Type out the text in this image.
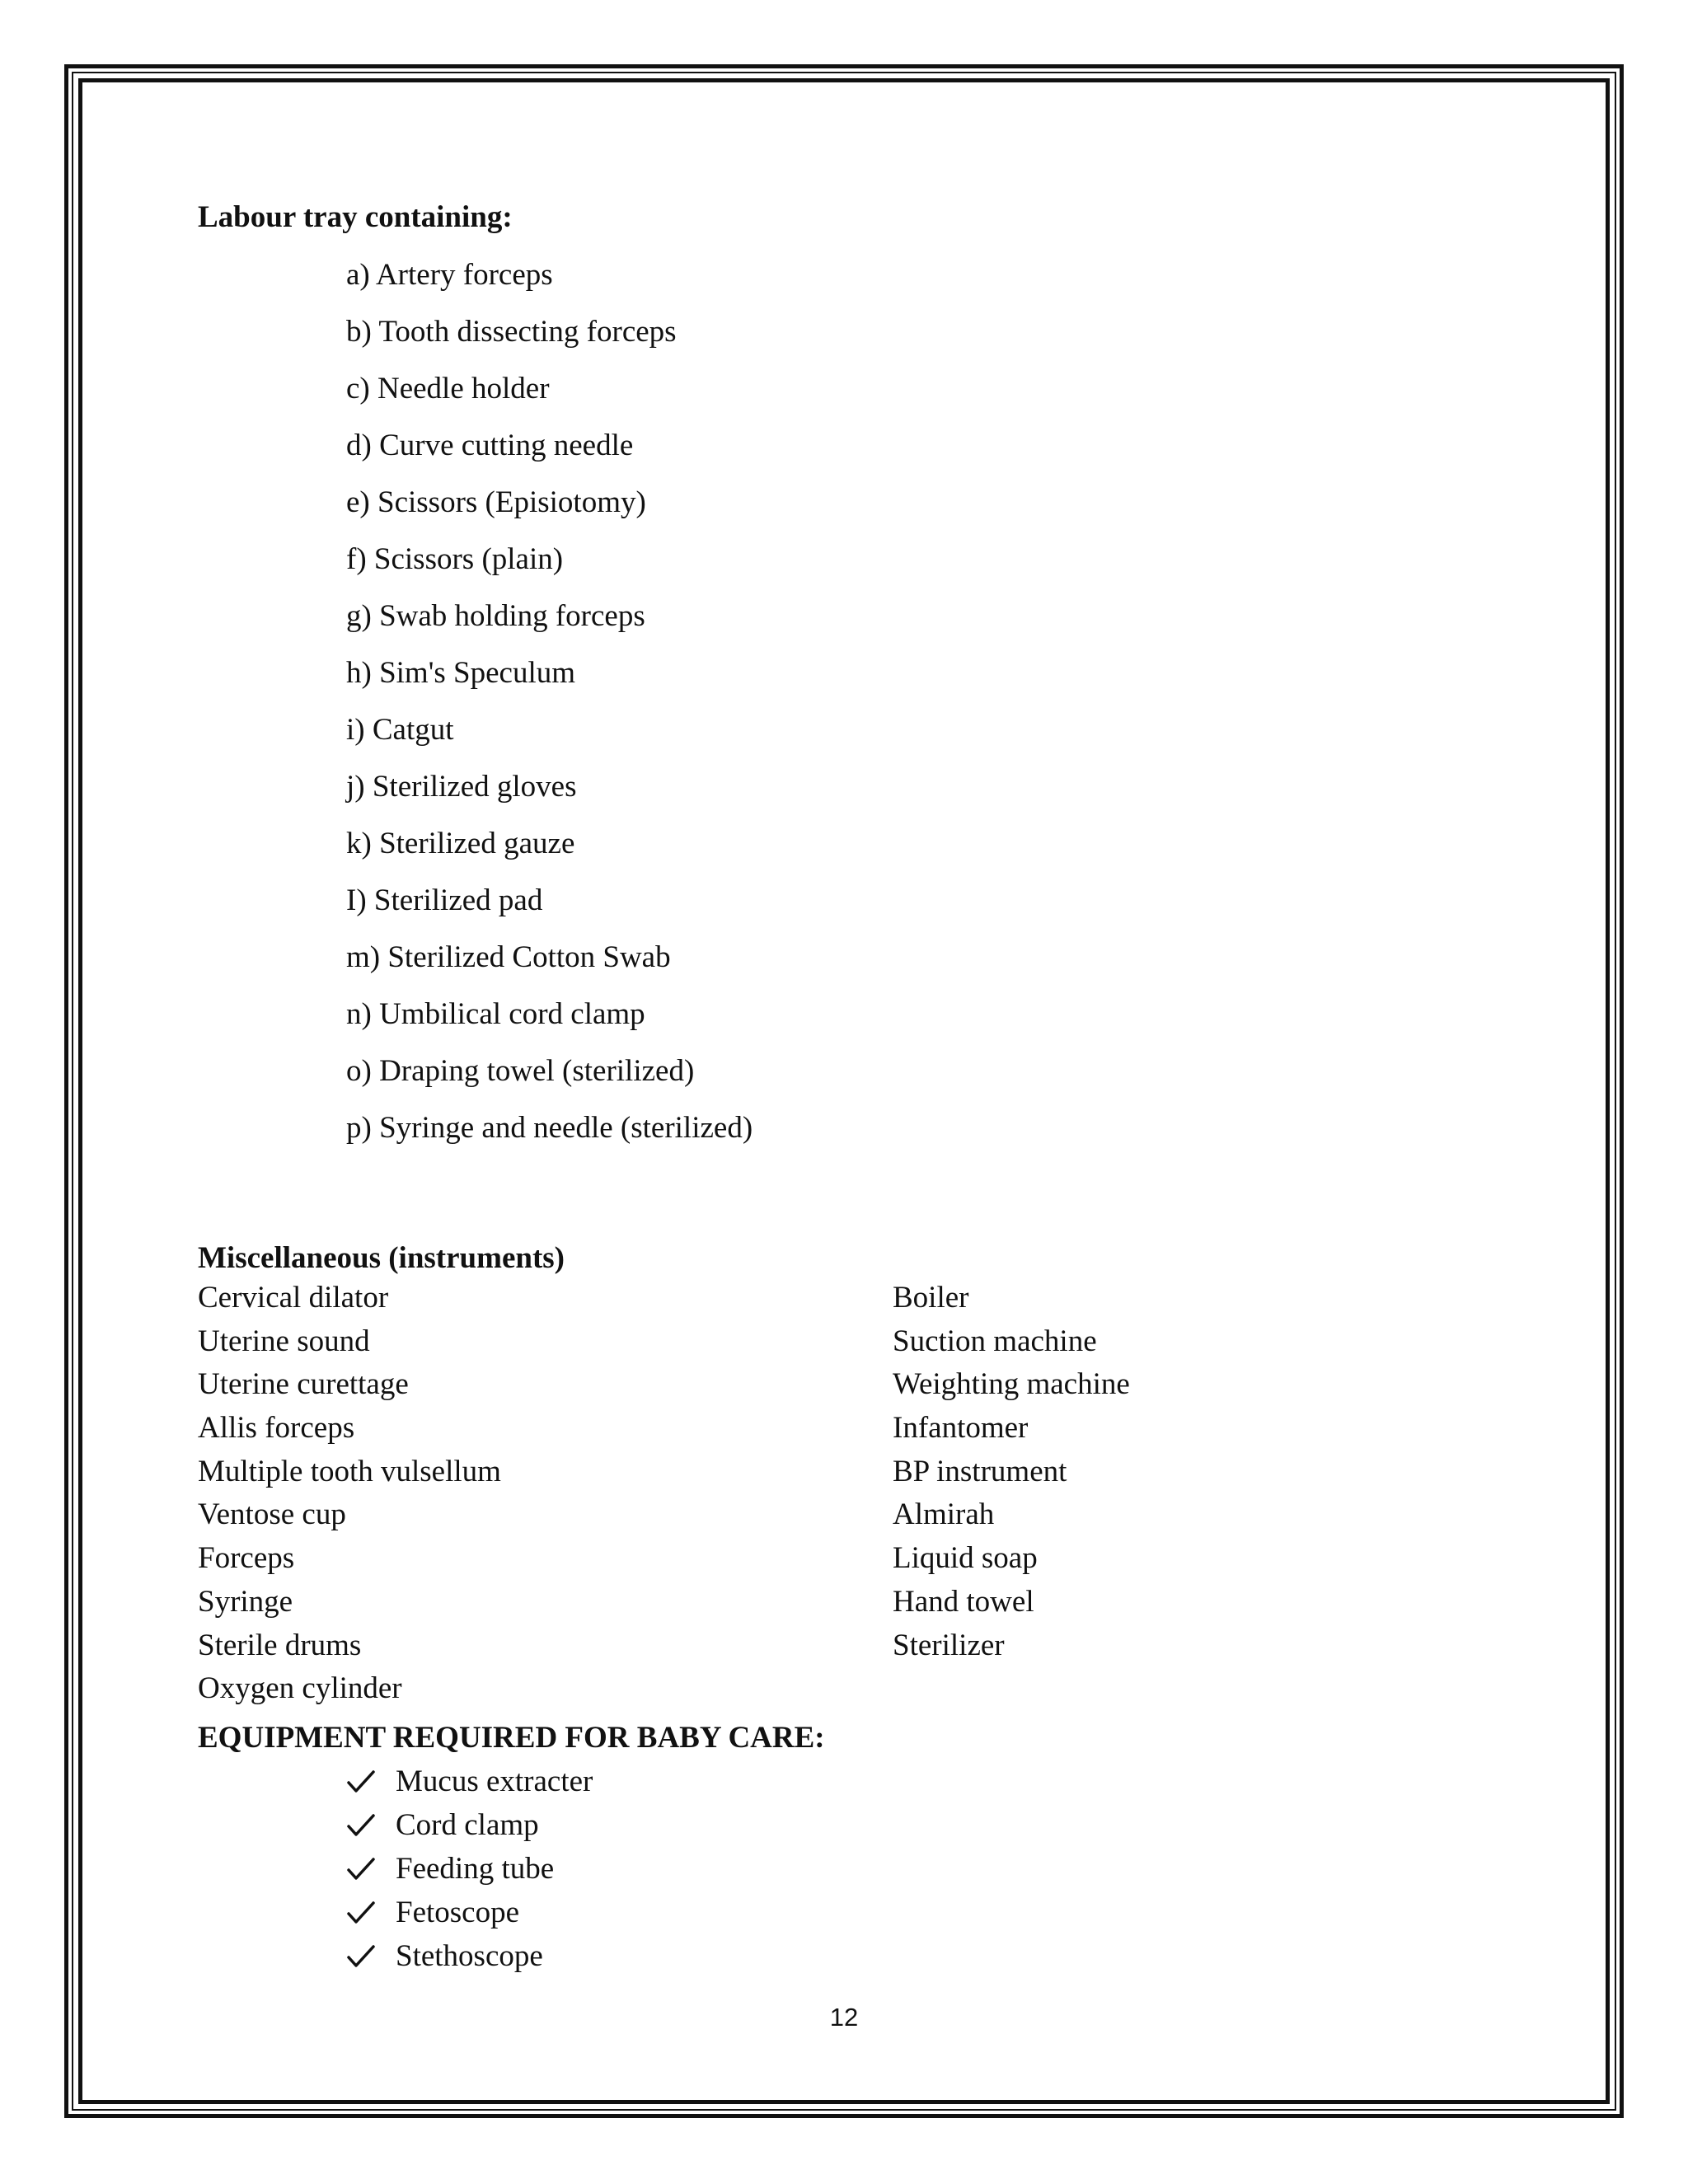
Labour tray containing:
a) Artery forceps
b) Tooth dissecting forceps
c) Needle holder
d) Curve cutting needle
e) Scissors (Episiotomy)
f) Scissors (plain)
g) Swab holding forceps
h) Sim's Speculum
i) Catgut
j) Sterilized gloves
k) Sterilized gauze
I) Sterilized pad
m) Sterilized Cotton Swab
n) Umbilical cord clamp
o) Draping towel (sterilized)
p) Syringe and needle (sterilized)
Miscellaneous (instruments)
Cervical dilator
Uterine sound
Uterine curettage
Allis forceps
Multiple tooth vulsellum
Ventose cup
Forceps
Syringe
Sterile drums
Oxygen cylinder
Boiler
Suction machine
Weighting machine
Infantomer
BP instrument
Almirah
Liquid soap
Hand towel
Sterilizer
EQUIPMENT REQUIRED FOR BABY CARE:
Mucus extracter
Cord clamp
Feeding tube
Fetoscope
Stethoscope
12
